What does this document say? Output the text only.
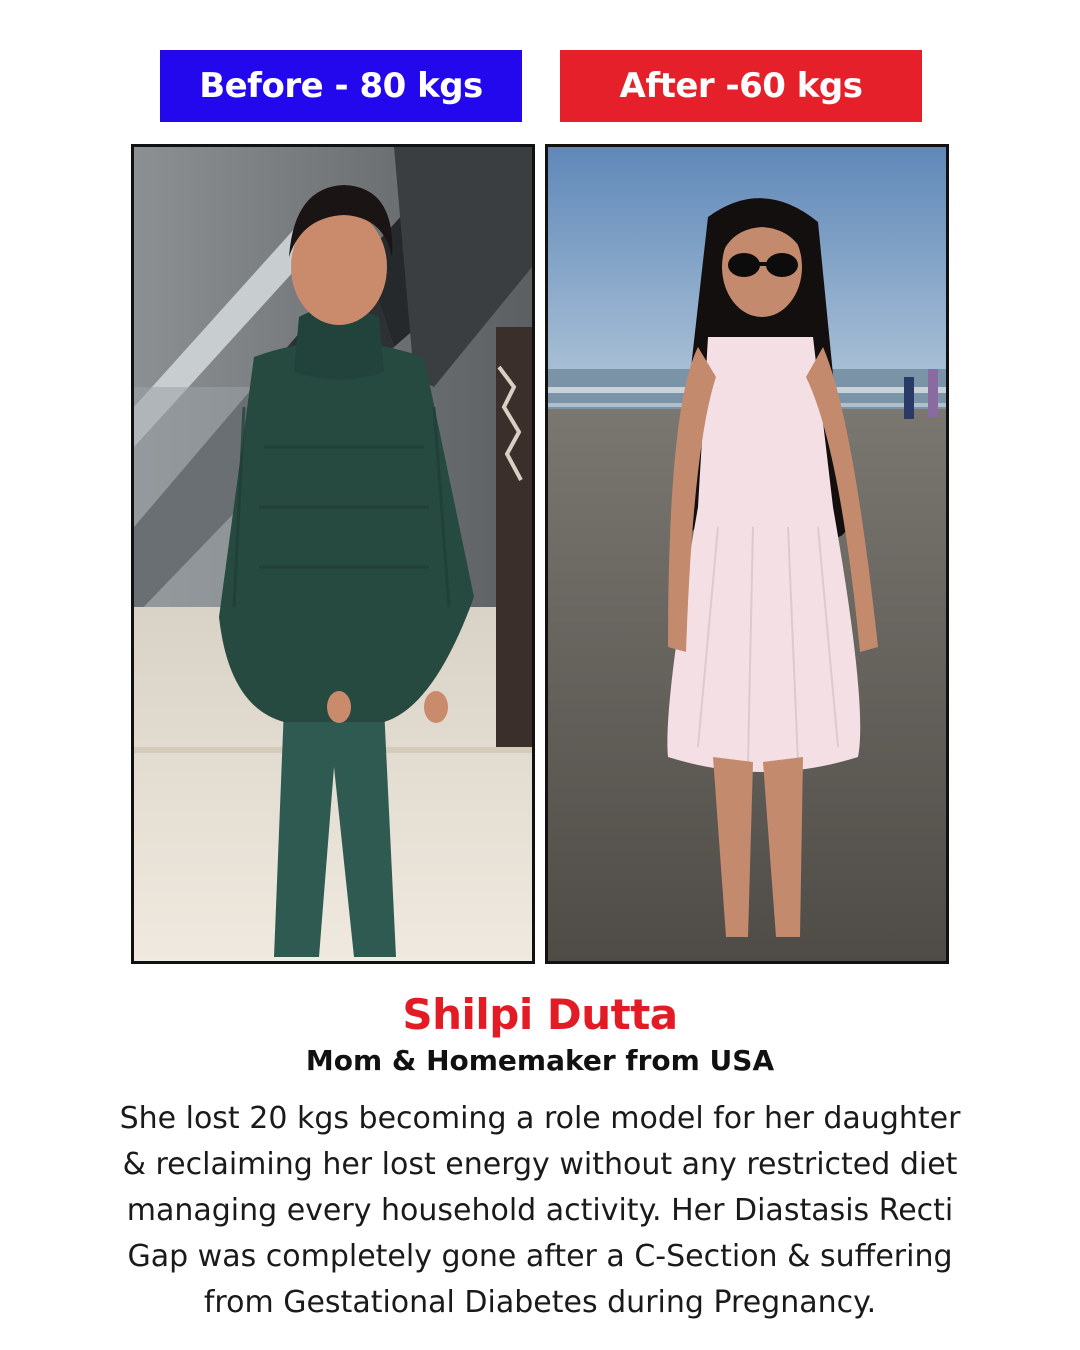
Before - 80 kgs	After -60 kgs
Shilpi Dutta
Mom & Homemaker from USA
She lost 20 kgs becoming a role model for her daughter
& reclaiming her lost energy without any restricted diet
managing every household activity. Her Diastasis Recti
Gap was completely gone after a C-Section & suffering
from Gestational Diabetes during Pregnancy.
